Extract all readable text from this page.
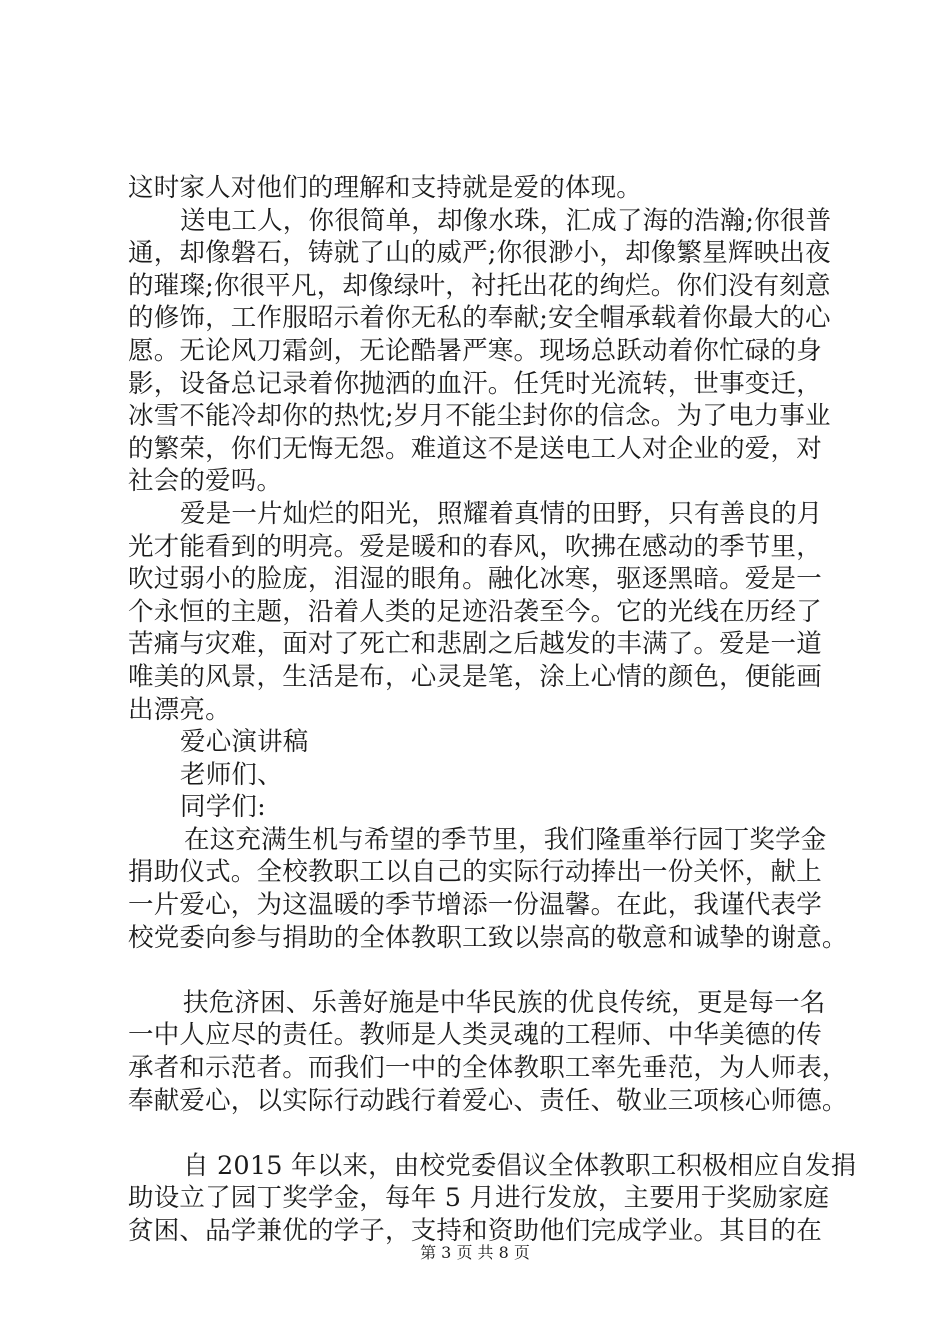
这时家人对他们的理解和支持就是爱的体现。
送电工人，你很简单，却像水珠，汇成了海的浩瀚;你很普
通，却像磐石，铸就了山的威严;你很渺小，却像繁星辉映出夜
的璀璨;你很平凡，却像绿叶，衬托出花的绚烂。你们没有刻意
的修饰，工作服昭示着你无私的奉献;安全帽承载着你最大的心
愿。无论风刀霜剑，无论酷暑严寒。现场总跃动着你忙碌的身
影，设备总记录着你抛洒的血汗。任凭时光流转，世事变迁，
冰雪不能冷却你的热忱;岁月不能尘封你的信念。为了电力事业
的繁荣，你们无悔无怨。难道这不是送电工人对企业的爱，对
社会的爱吗。
爱是一片灿烂的阳光，照耀着真情的田野，只有善良的月
光才能看到的明亮。爱是暖和的春风，吹拂在感动的季节里，
吹过弱小的脸庞，泪湿的眼角。融化冰寒，驱逐黑暗。爱是一
个永恒的主题，沿着人类的足迹沿袭至今。它的光线在历经了
苦痛与灾难，面对了死亡和悲剧之后越发的丰满了。爱是一道
唯美的风景，生活是布，心灵是笔，涂上心情的颜色，便能画
出漂亮。
爱心演讲稿
老师们、
同学们:
在这充满生机与希望的季节里，我们隆重举行园丁奖学金
捐助仪式。全校教职工以自己的实际行动捧出一份关怀，献上
一片爱心，为这温暖的季节增添一份温馨。在此，我谨代表学
校党委向参与捐助的全体教职工致以崇高的敬意和诚挚的谢意。
扶危济困、乐善好施是中华民族的优良传统，更是每一名
一中人应尽的责任。教师是人类灵魂的工程师、中华美德的传
承者和示范者。而我们一中的全体教职工率先垂范，为人师表，
奉献爱心，以实际行动践行着爱心、责任、敬业三项核心师德。
自 2015 年以来，由校党委倡议全体教职工积极相应自发捐
助设立了园丁奖学金，每年 5 月进行发放，主要用于奖励家庭
贫困、品学兼优的学子，支持和资助他们完成学业。其目的在
第 3 页 共 8 页
